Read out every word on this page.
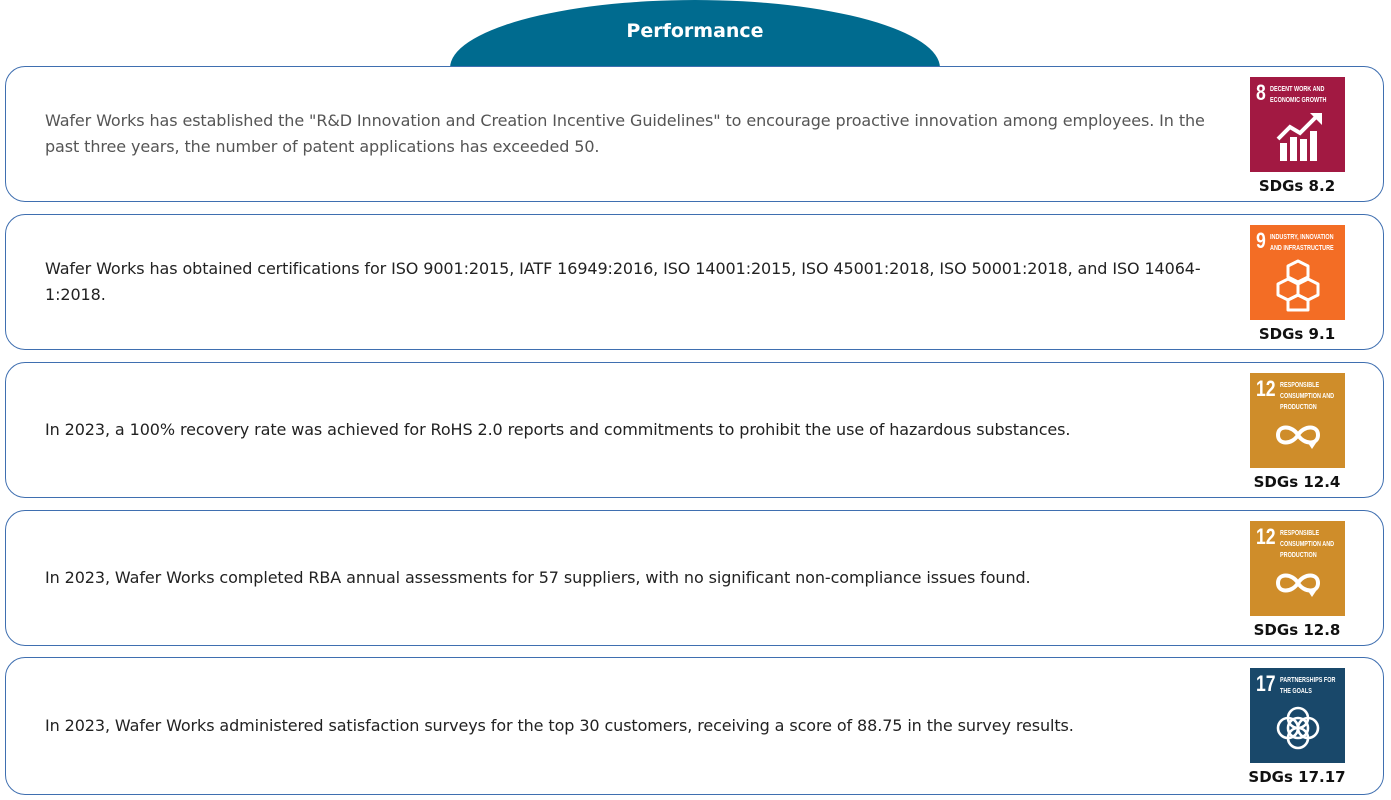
Performance
Wafer Works has established the "R&D Innovation and Creation Incentive Guidelines" to encourage proactive innovation among employees. In the past three years, the number of patent applications has exceeded 50.
8 DECENT WORK AND ECONOMIC GROWTH
SDGs 8.2
Wafer Works has obtained certifications for ISO 9001:2015, IATF 16949:2016, ISO 14001:2015, ISO 45001:2018, ISO 50001:2018, and ISO 14064-1:2018.
9 INDUSTRY, INNOVATION AND INFRASTRUCTURE
SDGs 9.1
In 2023, a 100% recovery rate was achieved for RoHS 2.0 reports and commitments to prohibit the use of hazardous substances.
12 RESPONSIBLE CONSUMPTION AND PRODUCTION
SDGs 12.4
In 2023, Wafer Works completed RBA annual assessments for 57 suppliers, with no significant non-compliance issues found.
12 RESPONSIBLE CONSUMPTION AND PRODUCTION
SDGs 12.8
In 2023, Wafer Works administered satisfaction surveys for the top 30 customers, receiving a score of 88.75 in the survey results.
17 PARTNERSHIPS FOR THE GOALS
SDGs 17.17
